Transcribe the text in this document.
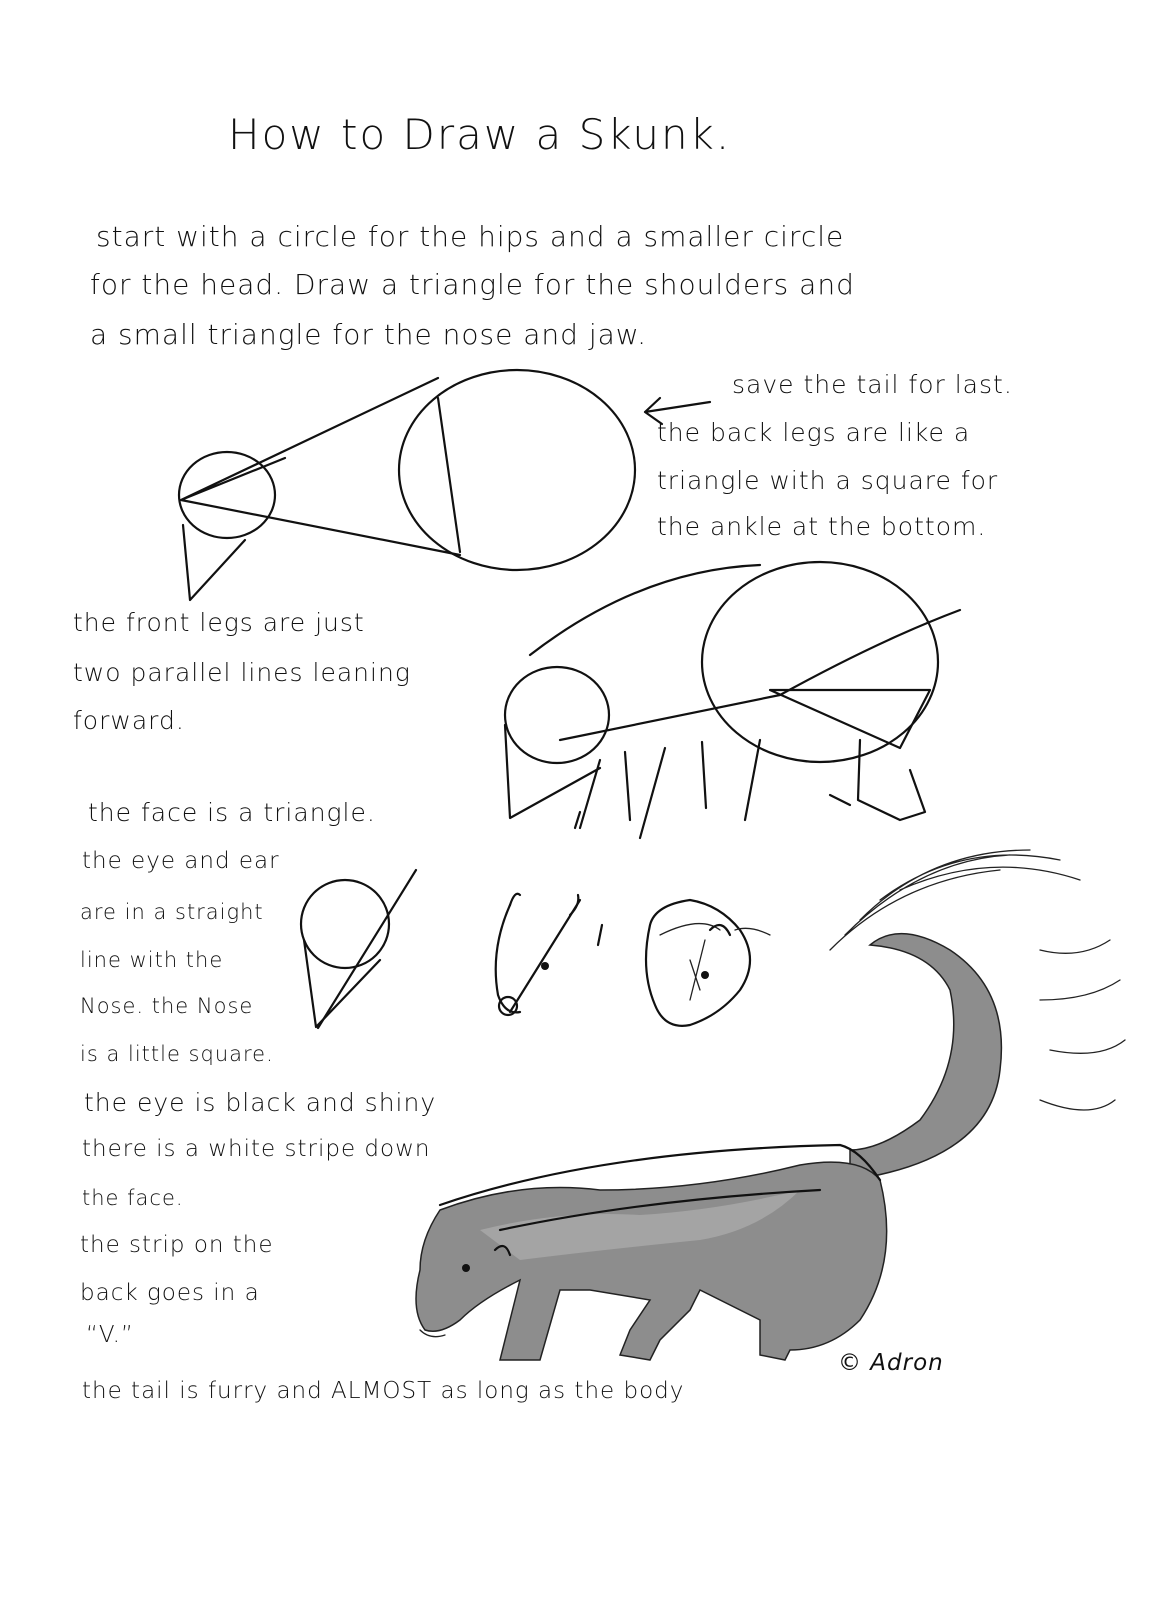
How to Draw a Skunk.
start with a circle for the hips and a smaller circle
for the head. Draw a triangle for the shoulders and
a small triangle for the nose and jaw.
save the tail for last.
the back legs are like a
triangle with a square for
the ankle at the bottom.
the front legs are just
two parallel lines leaning
forward.
the face is a triangle.
the eye and ear
are in a straight
line with the
Nose. the Nose
is a little square.
the eye is black and shiny
there is a white stripe down
the face.
the strip on the
back goes in a
“V.”
the tail is furry and ALMOST as long as the body
© Adron
